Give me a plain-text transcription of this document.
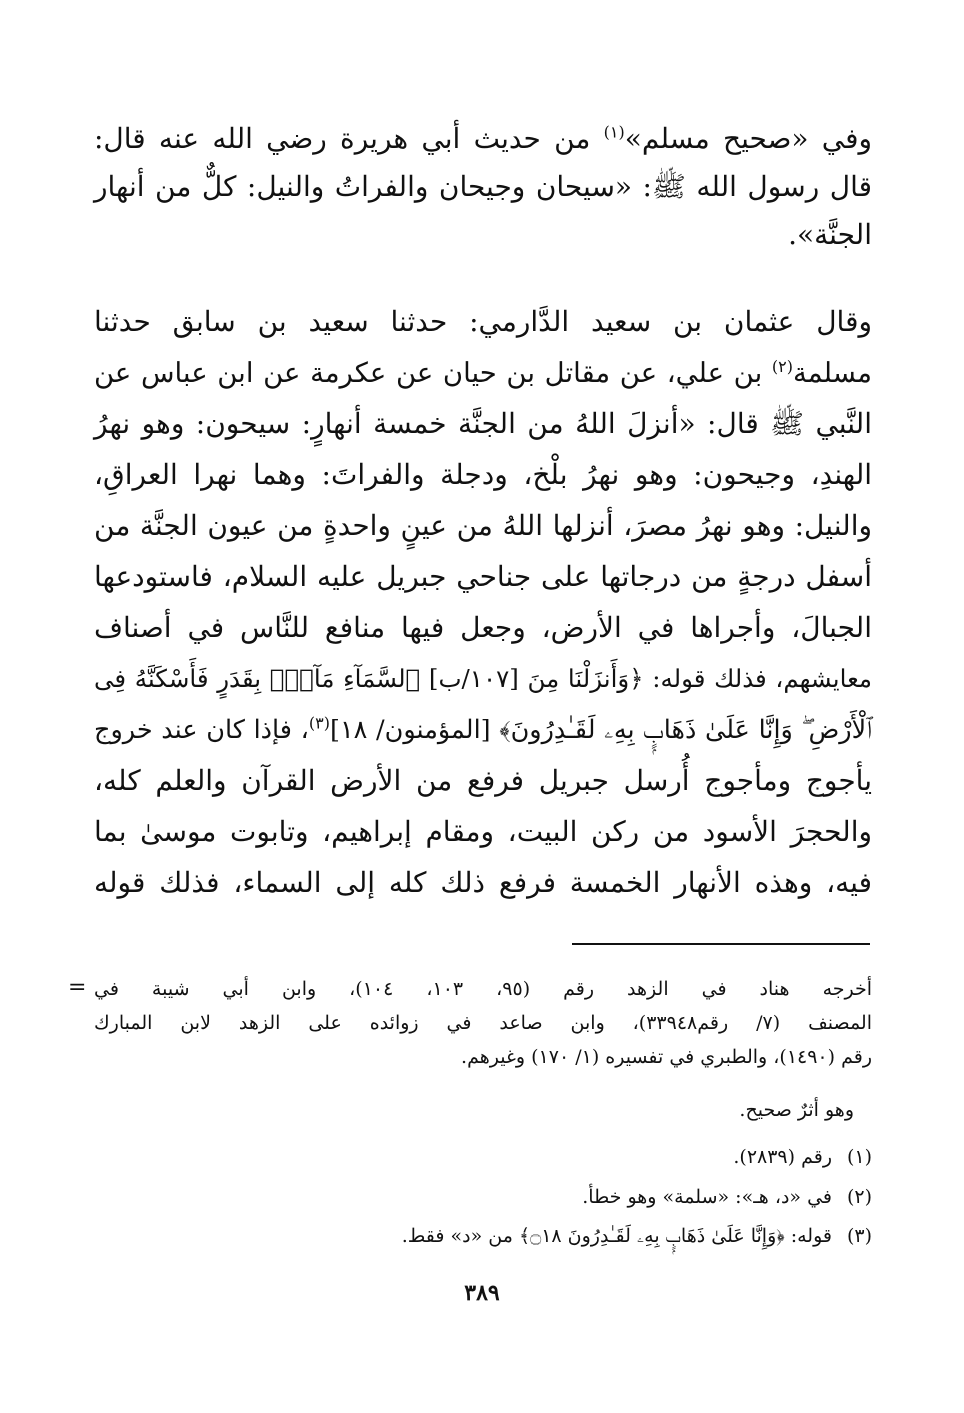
وفي «صحيح مسلم»$^{(١)}$ من حديث أبي هريرة رضي الله عنه قال:
قال رسول الله ﷺ: «سيحان وجيحان والفراتُ والنيل: كلٌّ من أنهار
الجنَّة».
وقال عثمان بن سعيد الدَّارمي: حدثنا سعيد بن سابق حدثنا
مسلمة$^{(٢)}$ بن علي، عن مقاتل بن حيان عن عكرمة عن ابن عباس عن
النَّبي ﷺ قال: «أنزلَ اللهُ من الجنَّة خمسة أنهارٍ: سيحون: وهو نهرُ
الهندِ، وجيحون: وهو نهرُ بلْخ، ودجلة والفراتَ: وهما نهرا العراقِ،
والنيل: وهو نهرُ مصرَ، أنزلها اللهُ من عينٍ واحدةٍ من عيون الجنَّة من
أسفل درجةٍ من درجاتها على جناحي جبريل عليه السلام، فاستودعها
الجبالَ، وأجراها في الأرض، وجعل فيها منافع للنَّاس في أصناف
معايشهم، فذلك قوله: ﴿وَأَنزَلْنَا مِنَ [١٠٧/ب] ٱلسَّمَآءِ مَآءًۢ بِقَدَرٍ فَأَسْكَنَّهُ فِى
ٱلْأَرْضِ ۖ وَإِنَّا عَلَىٰ ذَهَابٍۭ بِهِۦ لَقَـٰدِرُونَ﴾ [المؤمنون/ ١٨]$^{(٣)}$، فإذا كان عند خروج
يأجوج ومأجوج أُرسل جبريل فرفع من الأرض القرآن والعلم كله،
والحجرَ الأسود من ركن البيت، ومقام إبراهيم، وتابوت موسىٰ بما
فيه، وهذه الأنهار الخمسة فرفع ذلك كله إلى السماء، فذلك قوله
= أخرجه هناد في الزهد رقم (٩٥، ١٠٣، ١٠٤)، وابن أبي شيبة في
المصنف (٧/ رقم٣٣٩٤٨)، وابن صاعد في زوائده على الزهد لابن المبارك
رقم (١٤٩٠)، والطبري في تفسيره (١/ ١٧٠) وغيرهم.
وهو أثرٌ صحيح.
(١)رقم (٢٨٣٩).
(٢)في «د، هـ»: «سلمة» وهو خطأ.
(٣)قوله: ﴿وَإِنَّا عَلَىٰ ذَهَابٍۭ بِهِۦ لَقَـٰدِرُونَ ۝١٨﴾ من «د» فقط.
٣٨٩
